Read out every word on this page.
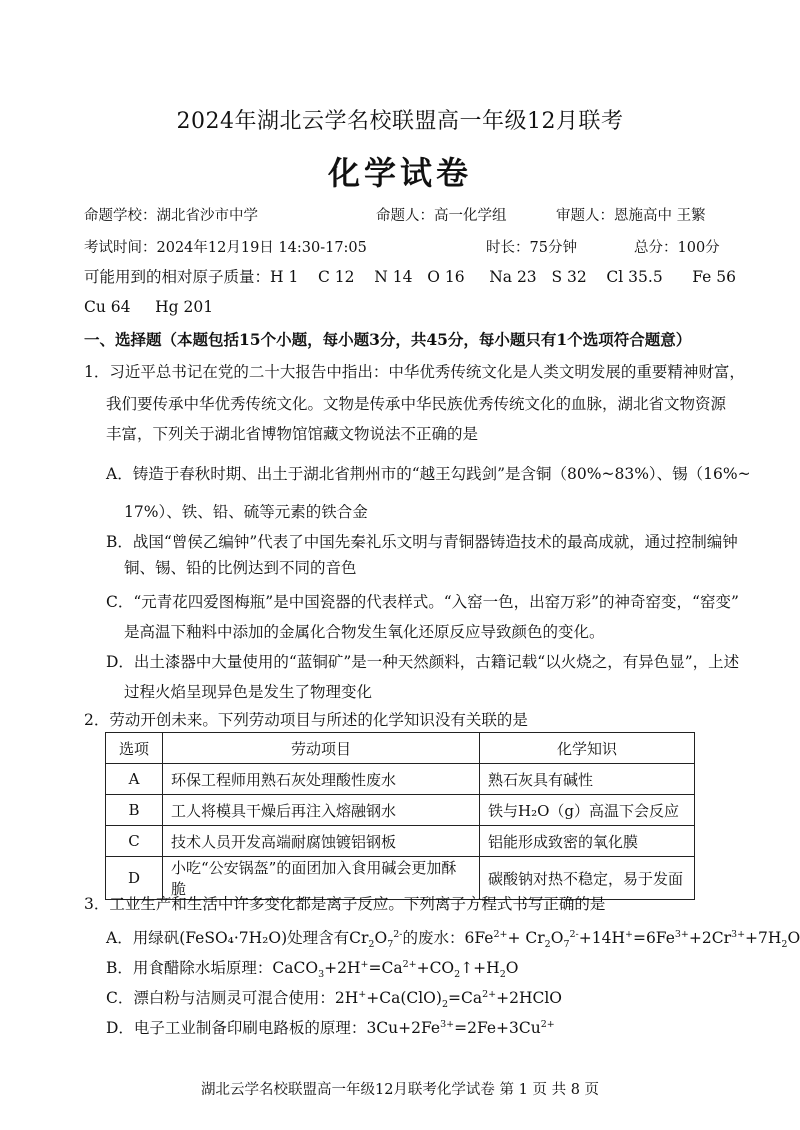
2024年湖北云学名校联盟高一年级12月联考
化学试卷
命题学校：湖北省沙市中学	命题人：高一化学组	审题人：恩施高中 王繁
考试时间：2024年12月19日 14:30-17:05	时长：75分钟	总分：100分
可能用到的相对原子质量：H 1    C 12    N 14   O 16     Na 23   S 32    Cl 35.5      Fe 56
Cu 64     Hg 201
一、选择题（本题包括15个小题，每小题3分，共45分，每小题只有1个选项符合题意）
1．习近平总书记在党的二十大报告中指出：中华优秀传统文化是人类文明发展的重要精神财富，
我们要传承中华优秀传统文化。文物是传承中华民族优秀传统文化的血脉，湖北省文物资源
丰富，下列关于湖北省博物馆馆藏文物说法不正确的是
A．铸造于春秋时期、出土于湖北省荆州市的“越王勾践剑”是含铜（80%~83%）、锡（16%~
17%）、铁、铅、硫等元素的铁合金
B．战国“曾侯乙编钟”代表了中国先秦礼乐文明与青铜器铸造技术的最高成就，通过控制编钟
铜、锡、铅的比例达到不同的音色
C．“元青花四爱图梅瓶”是中国瓷器的代表样式。“入窑一色，出窑万彩”的神奇窑变，“窑变”
是高温下釉料中添加的金属化合物发生氧化还原反应导致颜色的变化。
D．出土漆器中大量使用的“蓝铜矿”是一种天然颜料，古籍记载“以火烧之，有异色显”，上述
过程火焰呈现异色是发生了物理变化
2．劳动开创未来。下列劳动项目与所述的化学知识没有关联的是
选项	劳动项目	化学知识
A	环保工程师用熟石灰处理酸性废水	熟石灰具有碱性
B	工人将模具干燥后再注入熔融钢水	铁与H₂O（g）高温下会反应
C	技术人员开发高端耐腐蚀镀铝钢板	铝能形成致密的氧化膜
D	小吃“公安锅盔”的面团加入食用碱会更加酥脆	碳酸钠对热不稳定，易于发面
3．工业生产和生活中许多变化都是离子反应。下列离子方程式书写正确的是
A．用绿矾(FeSO₄·7H₂O)处理含有$Cr_2O_7^{2-}$的废水：$6Fe^{2+}+ Cr_2O_7^{2-}+14H^+=6Fe^{3+}+2Cr^{3+}+7H_2O$
B．用食醋除水垢原理：$CaCO_3+2H^+=Ca^{2+}+CO_2↑+H_2O$
C．漂白粉与洁厕灵可混合使用：$2H^++Ca(ClO)_2=Ca^{2+}+2HClO$
D．电子工业制备印刷电路板的原理：$3Cu+2Fe^{3+}=2Fe+3Cu^{2+}$
湖北云学名校联盟高一年级12月联考化学试卷 第 1 页 共 8 页
